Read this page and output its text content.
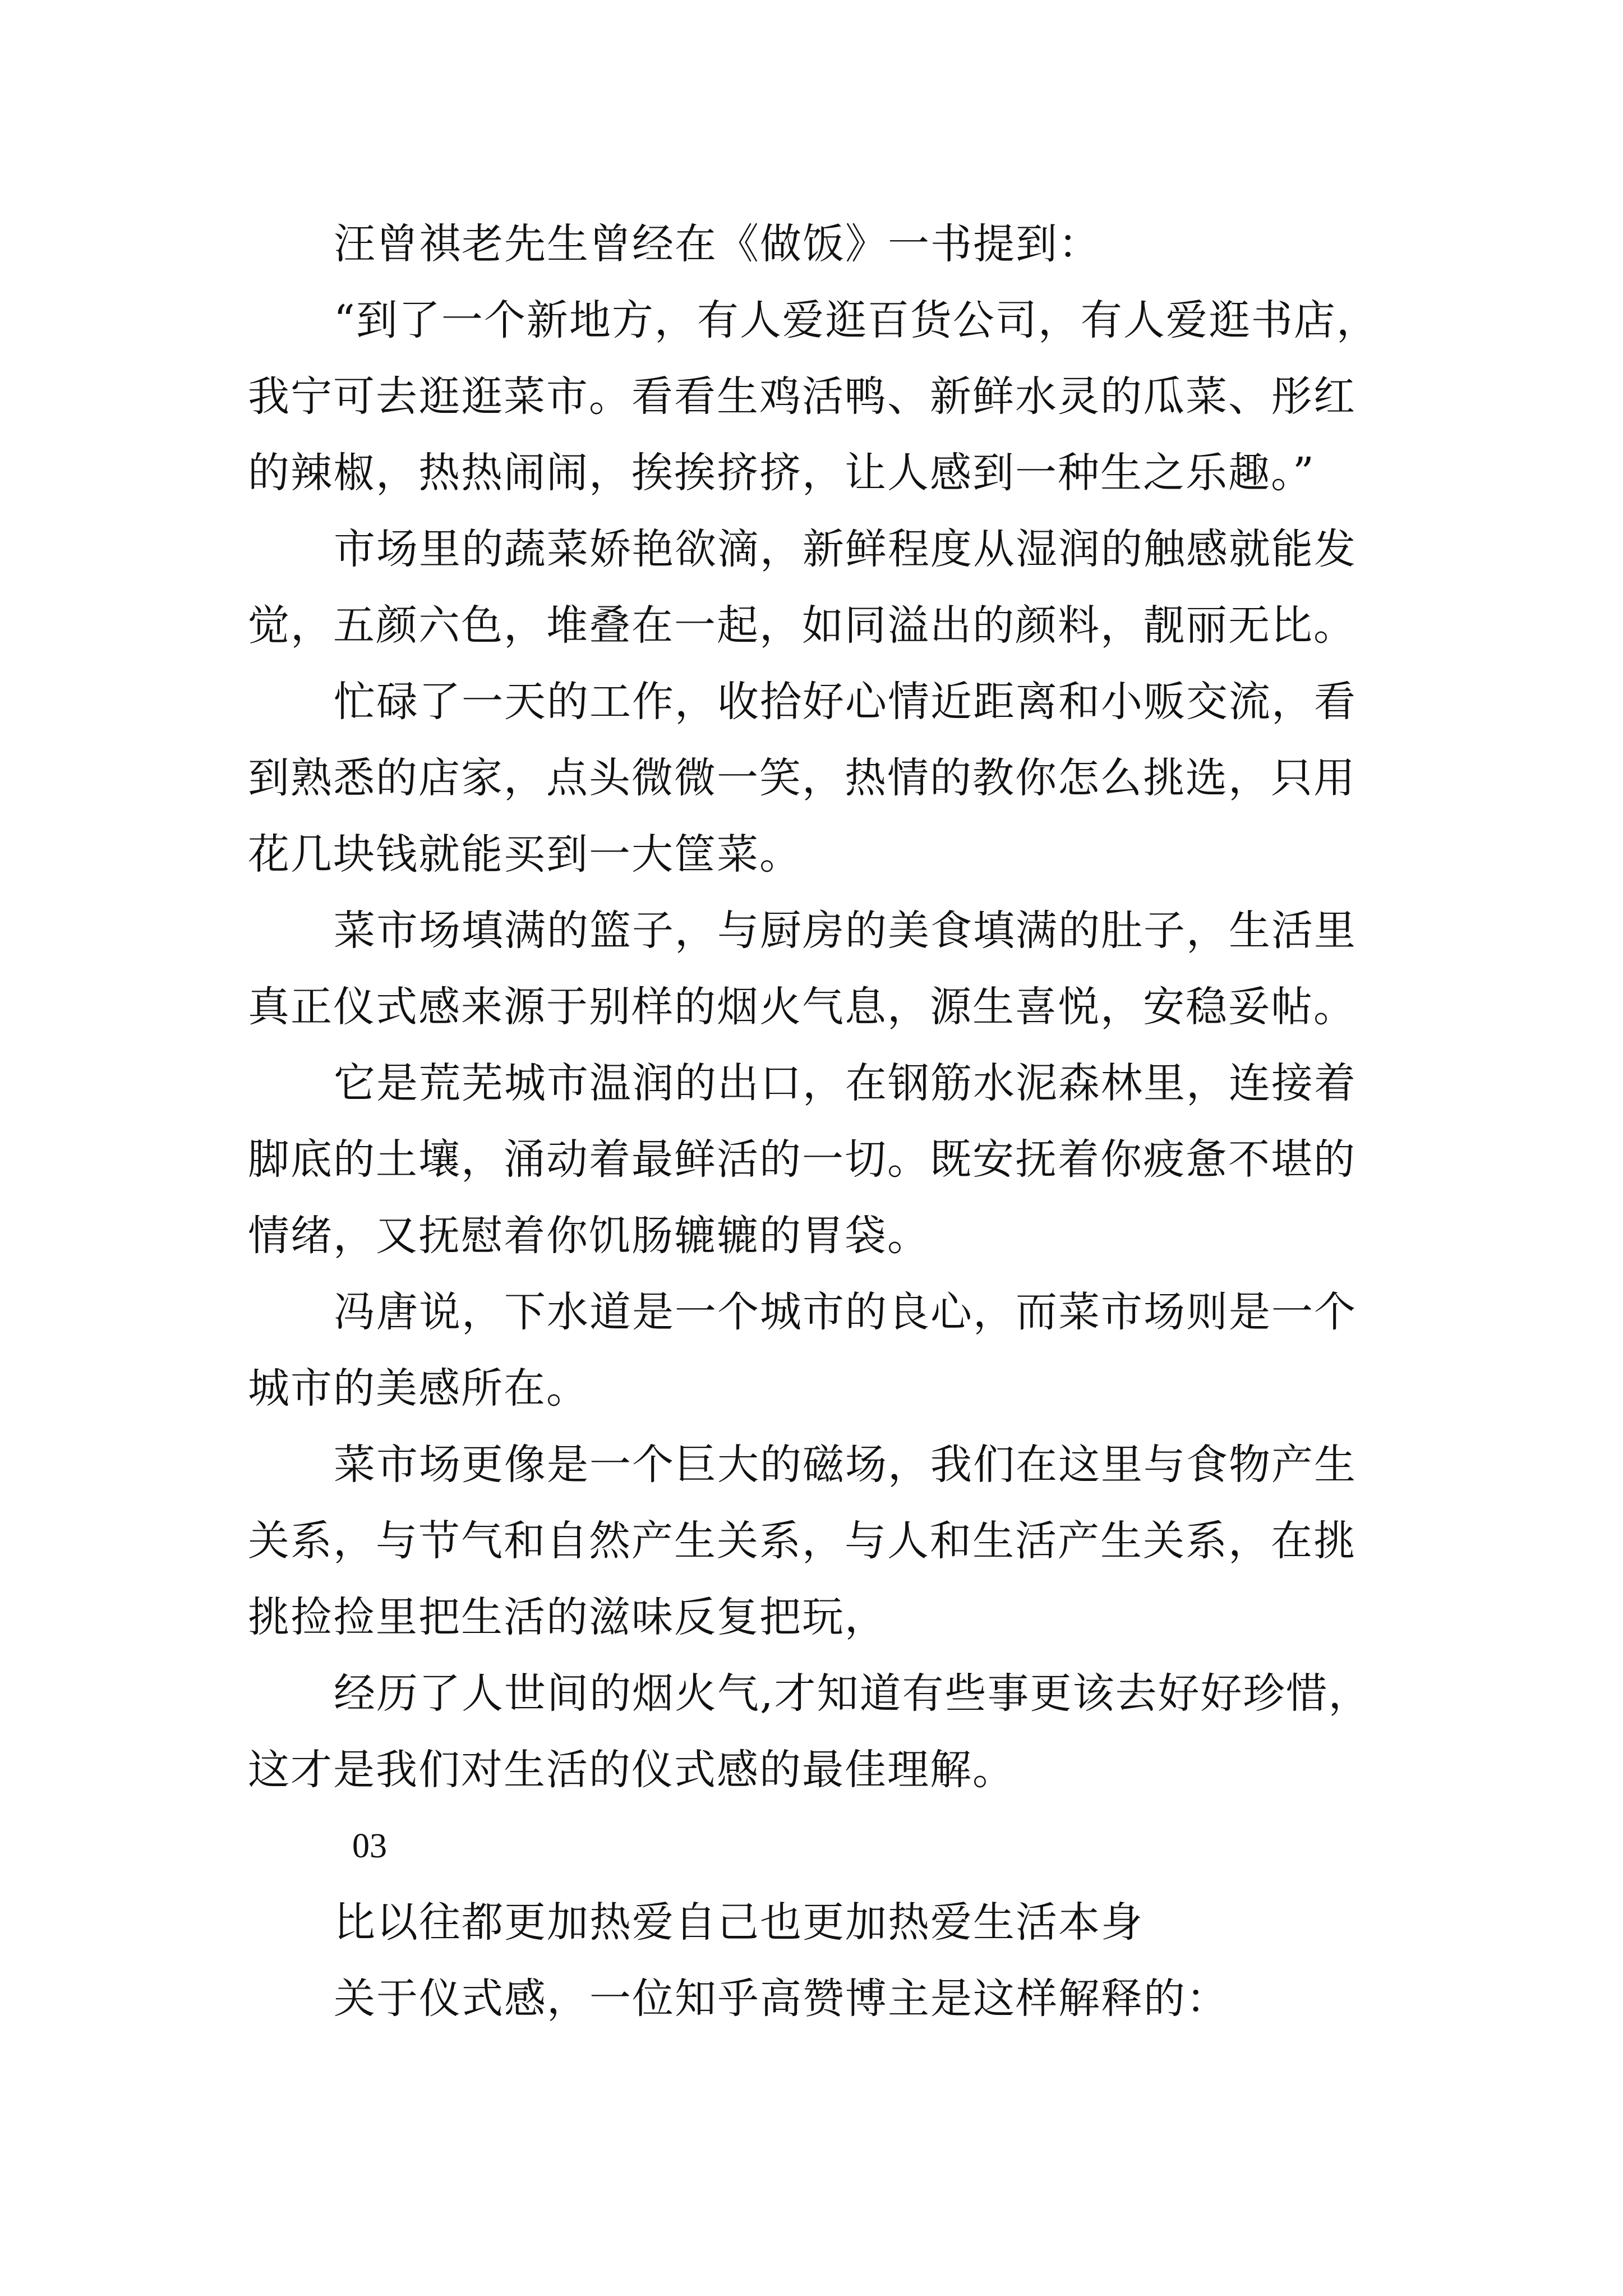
汪曾祺老先生曾经在《做饭》一书提到：
“到了一个新地方，有人爱逛百货公司，有人爱逛书店，
我宁可去逛逛菜市。看看生鸡活鸭、新鲜水灵的瓜菜、彤红
的辣椒，热热闹闹，挨挨挤挤，让人感到一种生之乐趣。”
市场里的蔬菜娇艳欲滴，新鲜程度从湿润的触感就能发
觉，五颜六色，堆叠在一起，如同溢出的颜料，靓丽无比。
忙碌了一天的工作，收拾好心情近距离和小贩交流，看
到熟悉的店家，点头微微一笑，热情的教你怎么挑选，只用
花几块钱就能买到一大筐菜。
菜市场填满的篮子，与厨房的美食填满的肚子，生活里
真正仪式感来源于别样的烟火气息，源生喜悦，安稳妥帖。
它是荒芜城市温润的出口，在钢筋水泥森林里，连接着
脚底的土壤，涌动着最鲜活的一切。既安抚着你疲惫不堪的
情绪，又抚慰着你饥肠辘辘的胃袋。
冯唐说，下水道是一个城市的良心，而菜市场则是一个
城市的美感所在。
菜市场更像是一个巨大的磁场，我们在这里与食物产生
关系，与节气和自然产生关系，与人和生活产生关系，在挑
挑捡捡里把生活的滋味反复把玩，
经历了人世间的烟火气,才知道有些事更该去好好珍惜，
这才是我们对生活的仪式感的最佳理解。
03
比以往都更加热爱自己也更加热爱生活本身
关于仪式感，一位知乎高赞博主是这样解释的：
